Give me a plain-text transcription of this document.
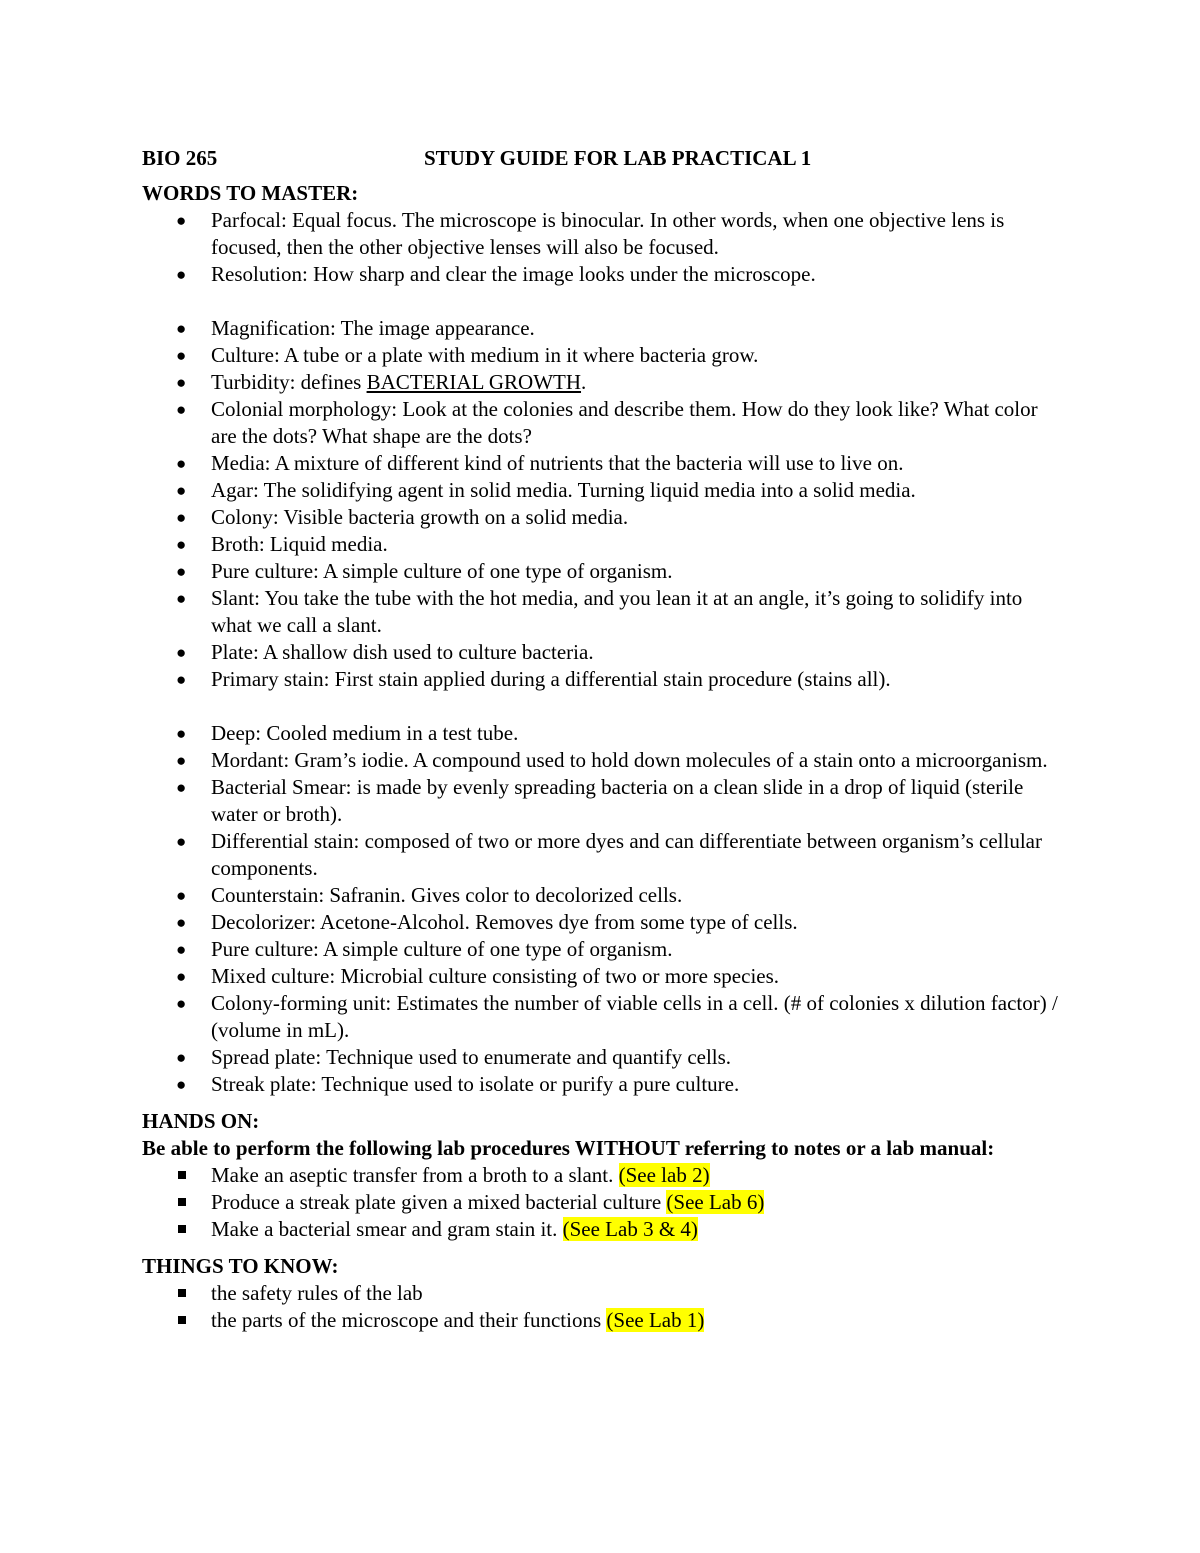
BIO 265	STUDY GUIDE FOR LAB PRACTICAL 1

WORDS TO MASTER:

●	Parfocal: Equal focus. The microscope is binocular. In other words, when one objective lens is focused, then the other objective lenses will also be focused.
●	Resolution: How sharp and clear the image looks under the microscope.
●	Magnification: The image appearance.
●	Culture: A tube or a plate with medium in it where bacteria grow.
●	Turbidity: defines BACTERIAL GROWTH.
●	Colonial morphology: Look at the colonies and describe them. How do they look like? What color are the dots? What shape are the dots?
●	Media: A mixture of different kind of nutrients that the bacteria will use to live on.
●	Agar: The solidifying agent in solid media. Turning liquid media into a solid media.
●	Colony: Visible bacteria growth on a solid media.
●	Broth: Liquid media.
●	Pure culture: A simple culture of one type of organism.
●	Slant: You take the tube with the hot media, and you lean it at an angle, it’s going to solidify into what we call a slant.
●	Plate: A shallow dish used to culture bacteria.
●	Primary stain: First stain applied during a differential stain procedure (stains all).
●	Deep: Cooled medium in a test tube.
●	Mordant: Gram’s iodie. A compound used to hold down molecules of a stain onto a microorganism.
●	Bacterial Smear: is made by evenly spreading bacteria on a clean slide in a drop of liquid (sterile water or broth).
●	Differential stain: composed of two or more dyes and can differentiate between organism’s cellular components.
●	Counterstain: Safranin. Gives color to decolorized cells.
●	Decolorizer: Acetone-Alcohol. Removes dye from some type of cells.
●	Pure culture: A simple culture of one type of organism.
●	Mixed culture: Microbial culture consisting of two or more species.
●	Colony-forming unit: Estimates the number of viable cells in a cell. (# of colonies x dilution factor) / (volume in mL).
●	Spread plate: Technique used to enumerate and quantify cells.
●	Streak plate: Technique used to isolate or purify a pure culture.

HANDS ON:

Be able to perform the following lab procedures WITHOUT referring to notes or a lab manual:

Make an aseptic transfer from a broth to a slant. (See lab 2)
Produce a streak plate given a mixed bacterial culture (See Lab 6)
Make a bacterial smear and gram stain it. (See Lab 3 & 4)

THINGS TO KNOW:

the safety rules of the lab
the parts of the microscope and their functions (See Lab 1)
